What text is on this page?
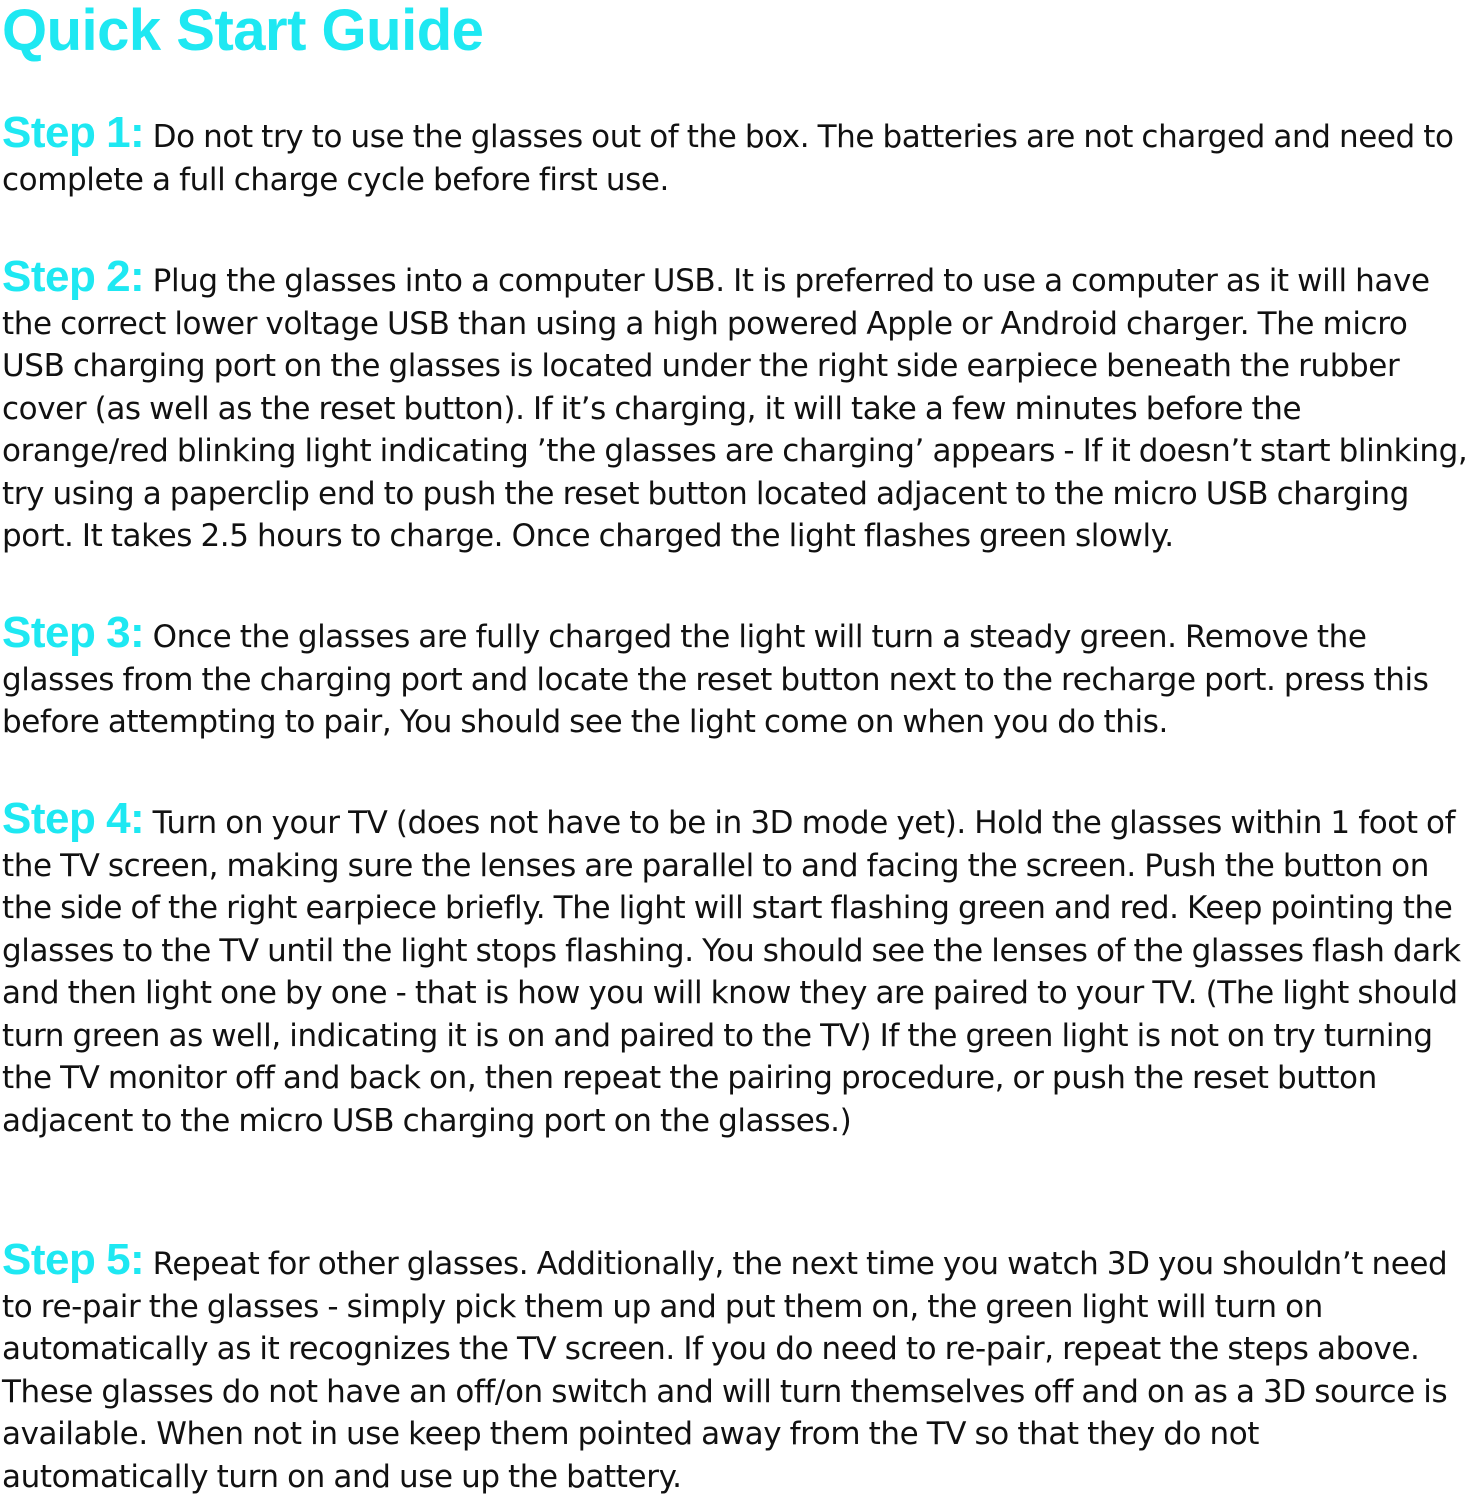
Quick Start Guide

Step 1: Do not try to use the glasses out of the box. The batteries are not charged and need to complete a full charge cycle before first use.

Step 2: Plug the glasses into a computer USB. It is preferred to use a computer as it will have the correct lower voltage USB than using a high powered Apple or Android charger. The micro USB charging port on the glasses is located under the right side earpiece beneath the rubber cover (as well as the reset button). If it’s charging, it will take a few minutes before the orange/red blinking light indicating ’the glasses are charging’ appears - If it doesn’t start blinking, try using a paperclip end to push the reset button located adjacent to the micro USB charging port. It takes 2.5 hours to charge. Once charged the light flashes green slowly.

Step 3: Once the glasses are fully charged the light will turn a steady green. Remove the glasses from the charging port and locate the reset button next to the recharge port. press this before attempting to pair, You should see the light come on when you do this.

Step 4: Turn on your TV (does not have to be in 3D mode yet). Hold the glasses within 1 foot of the TV screen, making sure the lenses are parallel to and facing the screen. Push the button on the side of the right earpiece briefly. The light will start flashing green and red. Keep pointing the glasses to the TV until the light stops flashing. You should see the lenses of the glasses flash dark and then light one by one - that is how you will know they are paired to your TV. (The light should turn green as well, indicating it is on and paired to the TV) If the green light is not on try turning the TV monitor off and back on, then repeat the pairing procedure, or push the reset button adjacent to the micro USB charging port on the glasses.)

Step 5: Repeat for other glasses. Additionally, the next time you watch 3D you shouldn’t need to re-pair the glasses - simply pick them up and put them on, the green light will turn on automatically as it recognizes the TV screen. If you do need to re-pair, repeat the steps above. These glasses do not have an off/on switch and will turn themselves off and on as a 3D source is available. When not in use keep them pointed away from the TV so that they do not automatically turn on and use up the battery.
